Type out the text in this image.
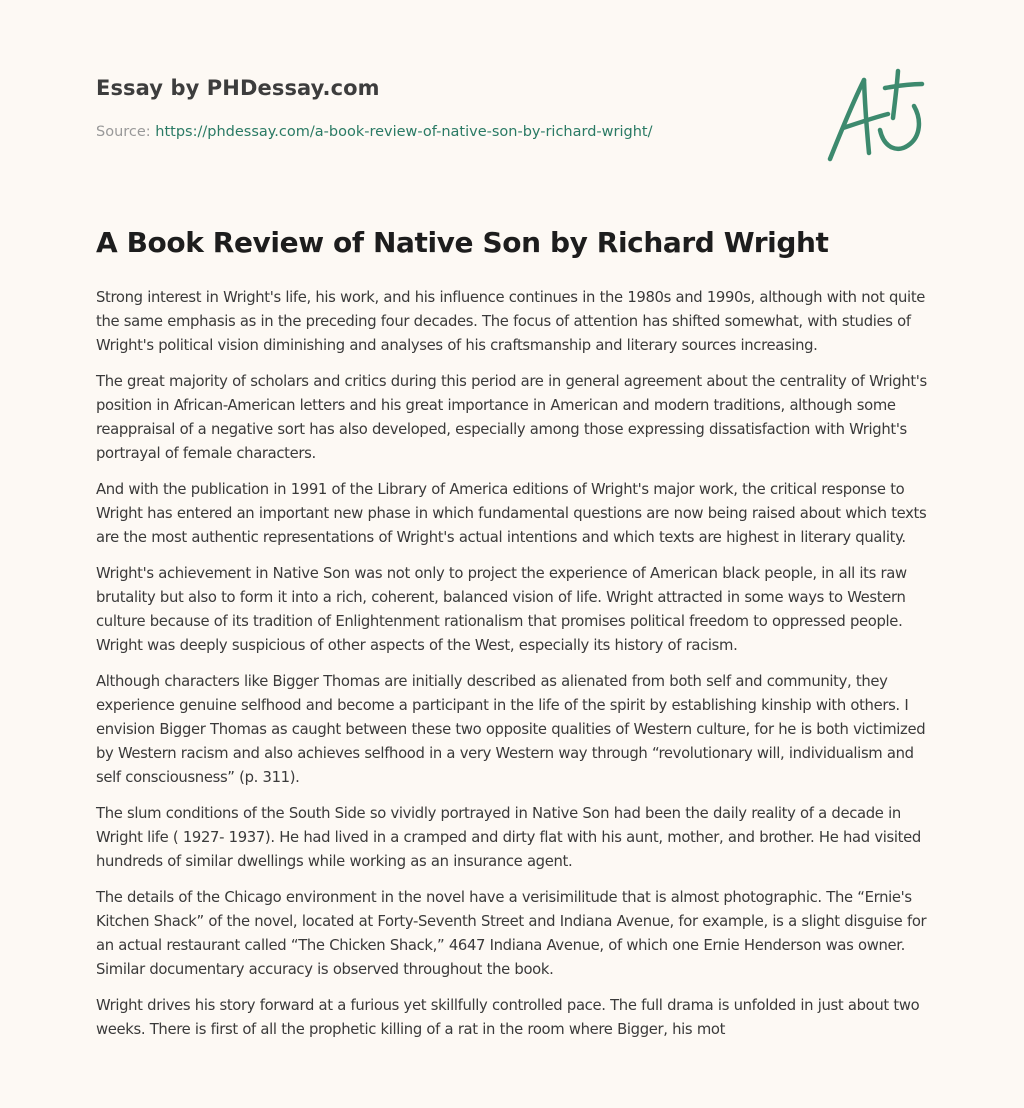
Essay by PHDessay.com
Source: https://phdessay.com/a-book-review-of-native-son-by-richard-wright/
A Book Review of Native Son by Richard Wright

Strong interest in Wright's life, his work, and his influence continues in the 1980s and 1990s, although with not quite the same emphasis as in the preceding four decades. The focus of attention has shifted somewhat, with studies of Wright's political vision diminishing and analyses of his craftsmanship and literary sources increasing.

The great majority of scholars and critics during this period are in general agreement about the centrality of Wright's position in African-American letters and his great importance in American and modern traditions, although some reappraisal of a negative sort has also developed, especially among those expressing dissatisfaction with Wright's portrayal of female characters.

And with the publication in 1991 of the Library of America editions of Wright's major work, the critical response to Wright has entered an important new phase in which fundamental questions are now being raised about which texts are the most authentic representations of Wright's actual intentions and which texts are highest in literary quality.

Wright's achievement in Native Son was not only to project the experience of American black people, in all its raw brutality but also to form it into a rich, coherent, balanced vision of life. Wright attracted in some ways to Western culture because of its tradition of Enlightenment rationalism that promises political freedom to oppressed people. Wright was deeply suspicious of other aspects of the West, especially its history of racism.

Although characters like Bigger Thomas are initially described as alienated from both self and community, they experience genuine selfhood and become a participant in the life of the spirit by establishing kinship with others. I envision Bigger Thomas as caught between these two opposite qualities of Western culture, for he is both victimized by Western racism and also achieves selfhood in a very Western way through “revolutionary will, individualism and self consciousness” (p. 311).

The slum conditions of the South Side so vividly portrayed in Native Son had been the daily reality of a decade in Wright life ( 1927- 1937). He had lived in a cramped and dirty flat with his aunt, mother, and brother. He had visited hundreds of similar dwellings while working as an insurance agent.

The details of the Chicago environment in the novel have a verisimilitude that is almost photographic. The “Ernie's Kitchen Shack” of the novel, located at Forty-Seventh Street and Indiana Avenue, for example, is a slight disguise for an actual restaurant called “The Chicken Shack,” 4647 Indiana Avenue, of which one Ernie Henderson was owner. Similar documentary accuracy is observed throughout the book.

Wright drives his story forward at a furious yet skillfully controlled pace. The full drama is unfolded in just about two weeks. There is first of all the prophetic killing of a rat in the room where Bigger, his mot
